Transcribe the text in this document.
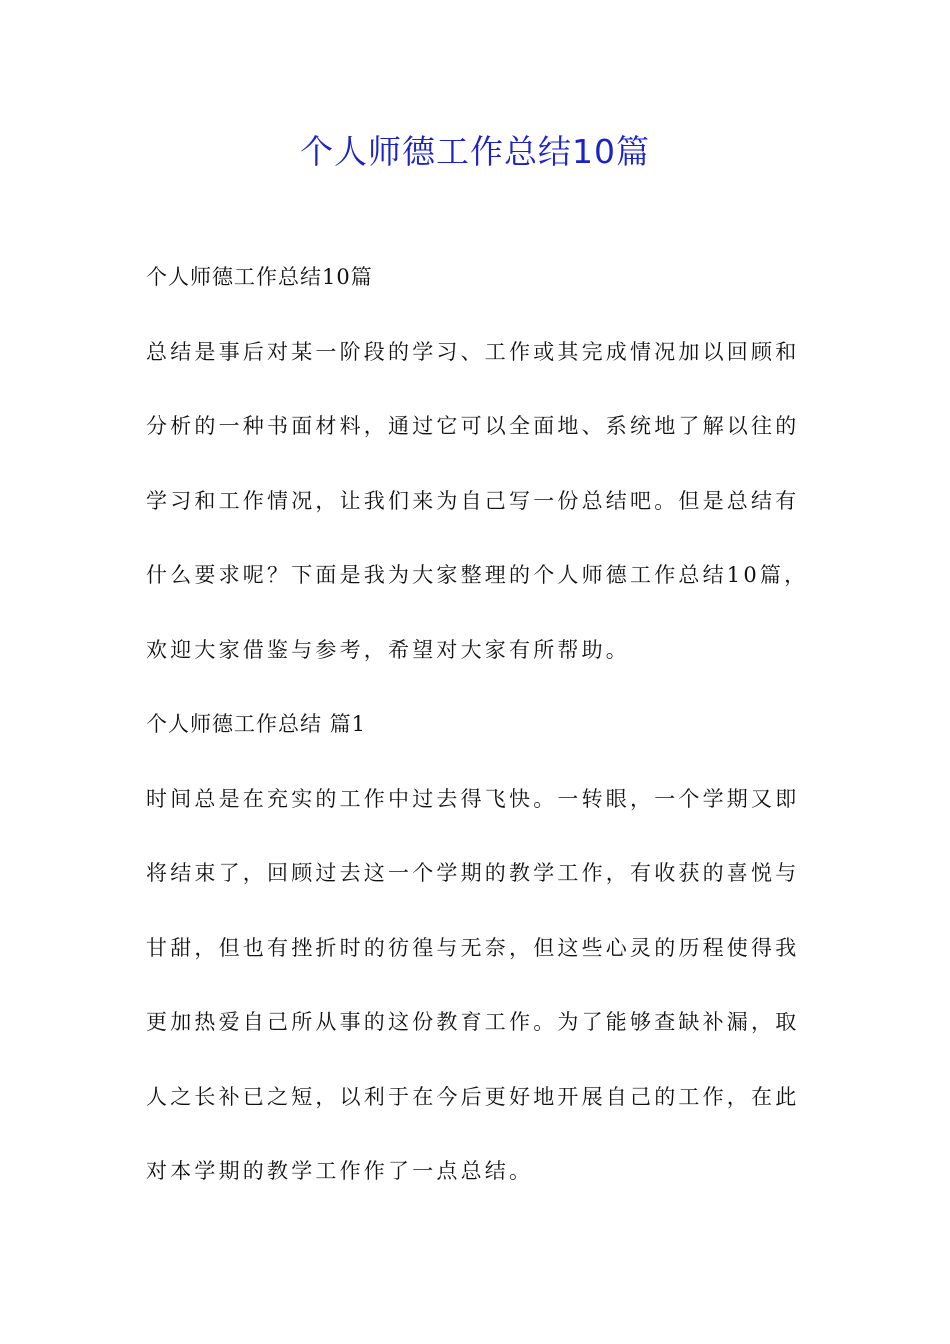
个人师德工作总结10篇
个人师德工作总结10篇
总结是事后对某一阶段的学习、工作或其完成情况加以回顾和
分析的一种书面材料，通过它可以全面地、系统地了解以往的
学习和工作情况，让我们来为自己写一份总结吧。但是总结有
什么要求呢？下面是我为大家整理的个人师德工作总结10篇，
欢迎大家借鉴与参考，希望对大家有所帮助。
个人师德工作总结 篇1
时间总是在充实的工作中过去得飞快。一转眼，一个学期又即
将结束了，回顾过去这一个学期的教学工作，有收获的喜悦与
甘甜，但也有挫折时的彷徨与无奈，但这些心灵的历程使得我
更加热爱自己所从事的这份教育工作。为了能够查缺补漏，取
人之长补已之短，以利于在今后更好地开展自己的工作，在此
对本学期的教学工作作了一点总结。
